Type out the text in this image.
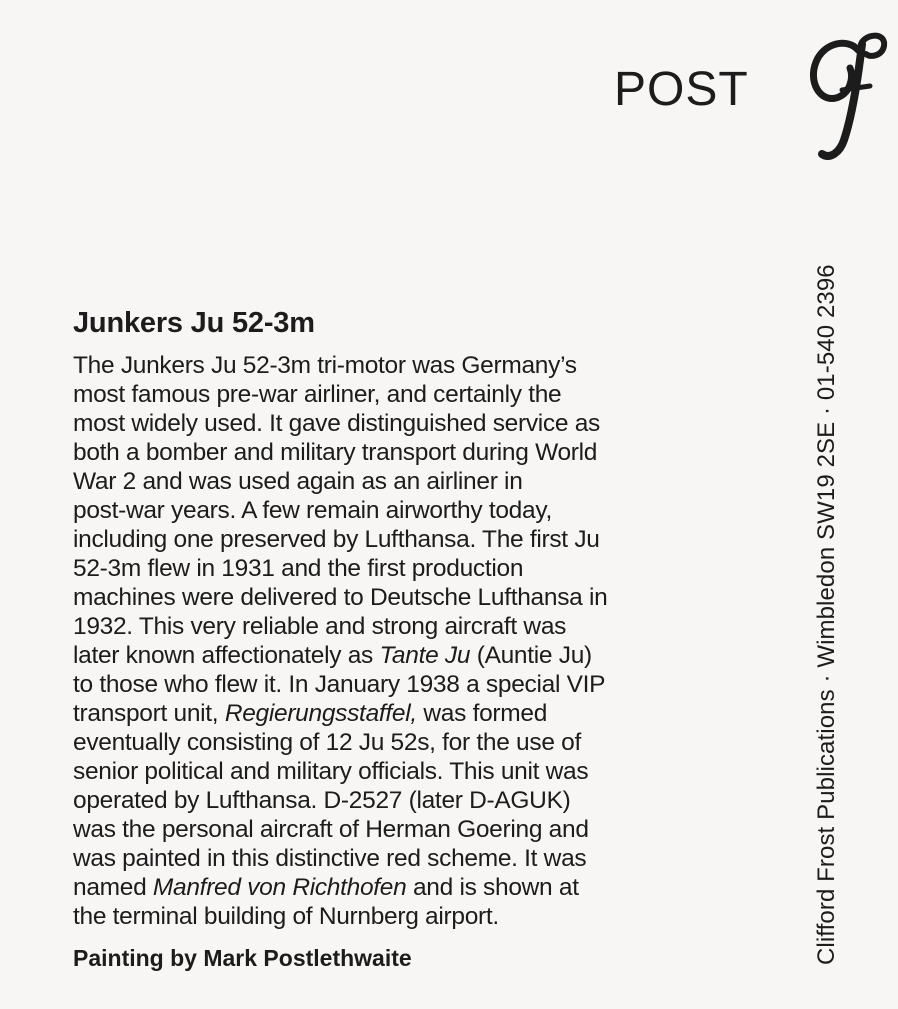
POST
Clifford Frost Publications · Wimbledon SW19 2SE · 01-540 2396
Junkers Ju 52-3m
The Junkers Ju 52-3m tri-motor was Germany’s
most famous pre-war airliner, and certainly the
most widely used. It gave distinguished service as
both a bomber and military transport during World
War 2 and was used again as an airliner in
post-war years. A few remain airworthy today,
including one preserved by Lufthansa. The first Ju
52-3m flew in 1931 and the first production
machines were delivered to Deutsche Lufthansa in
1932. This very reliable and strong aircraft was
later known affectionately as Tante Ju (Auntie Ju)
to those who flew it. In January 1938 a special VIP
transport unit, Regierungsstaffel, was formed
eventually consisting of 12 Ju 52s, for the use of
senior political and military officials. This unit was
operated by Lufthansa. D-2527 (later D-AGUK)
was the personal aircraft of Herman Goering and
was painted in this distinctive red scheme. It was
named Manfred von Richthofen and is shown at
the terminal building of Nurnberg airport.
Painting by Mark Postlethwaite
